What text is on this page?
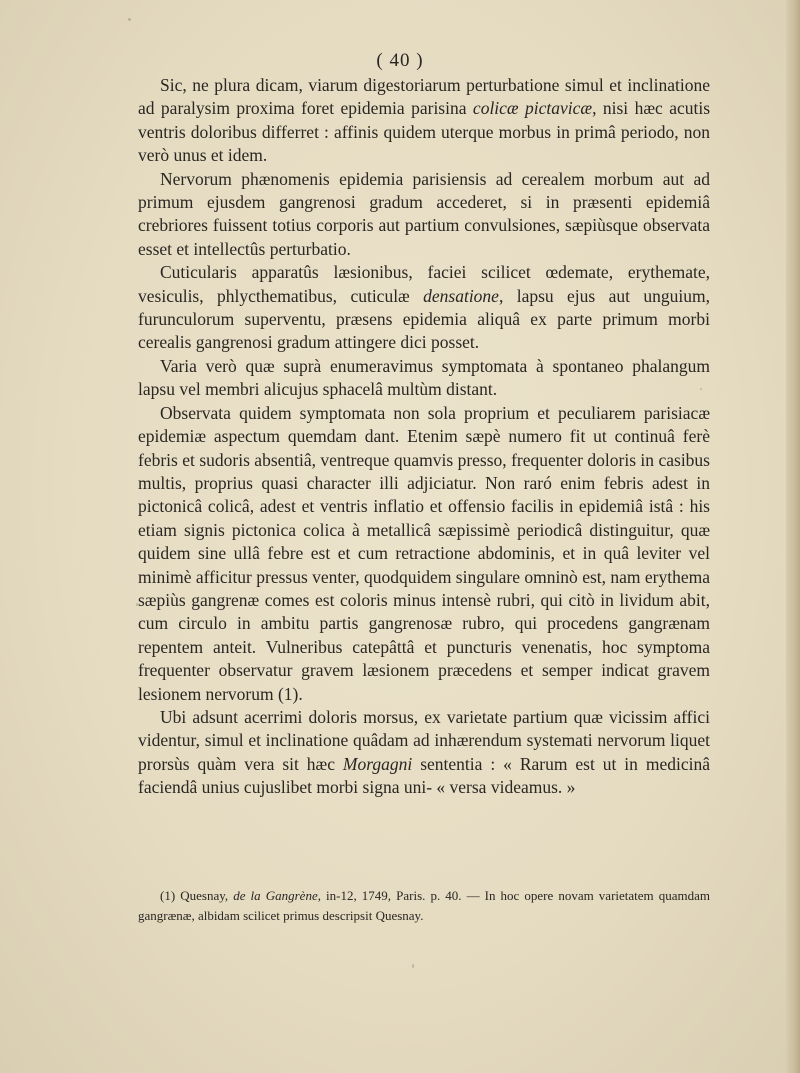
( 40 )

Sic, ne plura dicam, viarum digestoriarum perturbatione simul et inclinatione ad paralysim proxima foret epidemia parisina colicæ pictavicæ, nisi hæc acutis ventris doloribus differret : affinis quidem uterque morbus in primâ periodo, non verò unus et idem.

Nervorum phænomenis epidemia parisiensis ad cerealem morbum aut ad primum ejusdem gangrenosi gradum accederet, si in præsenti epidemiâ crebriores fuissent totius corporis aut partium convulsiones, sæpiùsque observata esset et intellectûs perturbatio.

Cuticularis apparatûs læsionibus, faciei scilicet œdemate, erythemate, vesiculis, phlycthematibus, cuticulæ densatione, lapsu ejus aut unguium, furunculorum superventu, præsens epidemia aliquâ ex parte primum morbi cerealis gangrenosi gradum attingere dici posset.

Varia verò quæ suprà enumeravimus symptomata à spontaneo phalangum lapsu vel membri alicujus sphacelâ multùm distant.

Observata quidem symptomata non sola proprium et peculiarem parisiacæ epidemiæ aspectum quemdam dant. Etenim sæpè numero fit ut continuâ ferè febris et sudoris absentiâ, ventreque quamvis presso, frequenter doloris in casibus multis, proprius quasi character illi adjiciatur. Non raró enim febris adest in pictonicâ colicâ, adest et ventris inflatio et offensio facilis in epidemiâ istâ : his etiam signis pictonica colica à metallicâ sæpissimè periodicâ distinguitur, quæ quidem sine ullâ febre est et cum retractione abdominis, et in quâ leviter vel minimè afficitur pressus venter, quodquidem singulare omninò est, nam erythema sæpiùs gangrenæ comes est coloris minus intensè rubri, qui citò in lividum abit, cum circulo in ambitu partis gangrenosæ rubro, qui procedens gangrænam repentem anteit. Vulneribus catepâttâ et puncturis venenatis, hoc symptoma frequenter observatur gravem læsionem præcedens et semper indicat gravem lesionem nervorum (1).

Ubi adsunt acerrimi doloris morsus, ex varietate partium quæ vicissim affici videntur, simul et inclinatione quâdam ad inhærendum systemati nervorum liquet prorsùs quàm vera sit hæc Morgagni sententia : « Rarum est ut in medicinâ faciendâ unius cujuslibet morbi signa uni- « versa videamus. »

(1) Quesnay, de la Gangrène, in-12, 1749, Paris. p. 40. — In hoc opere novam varietatem quamdam gangrænæ, albidam scilicet primus descripsit Quesnay.
